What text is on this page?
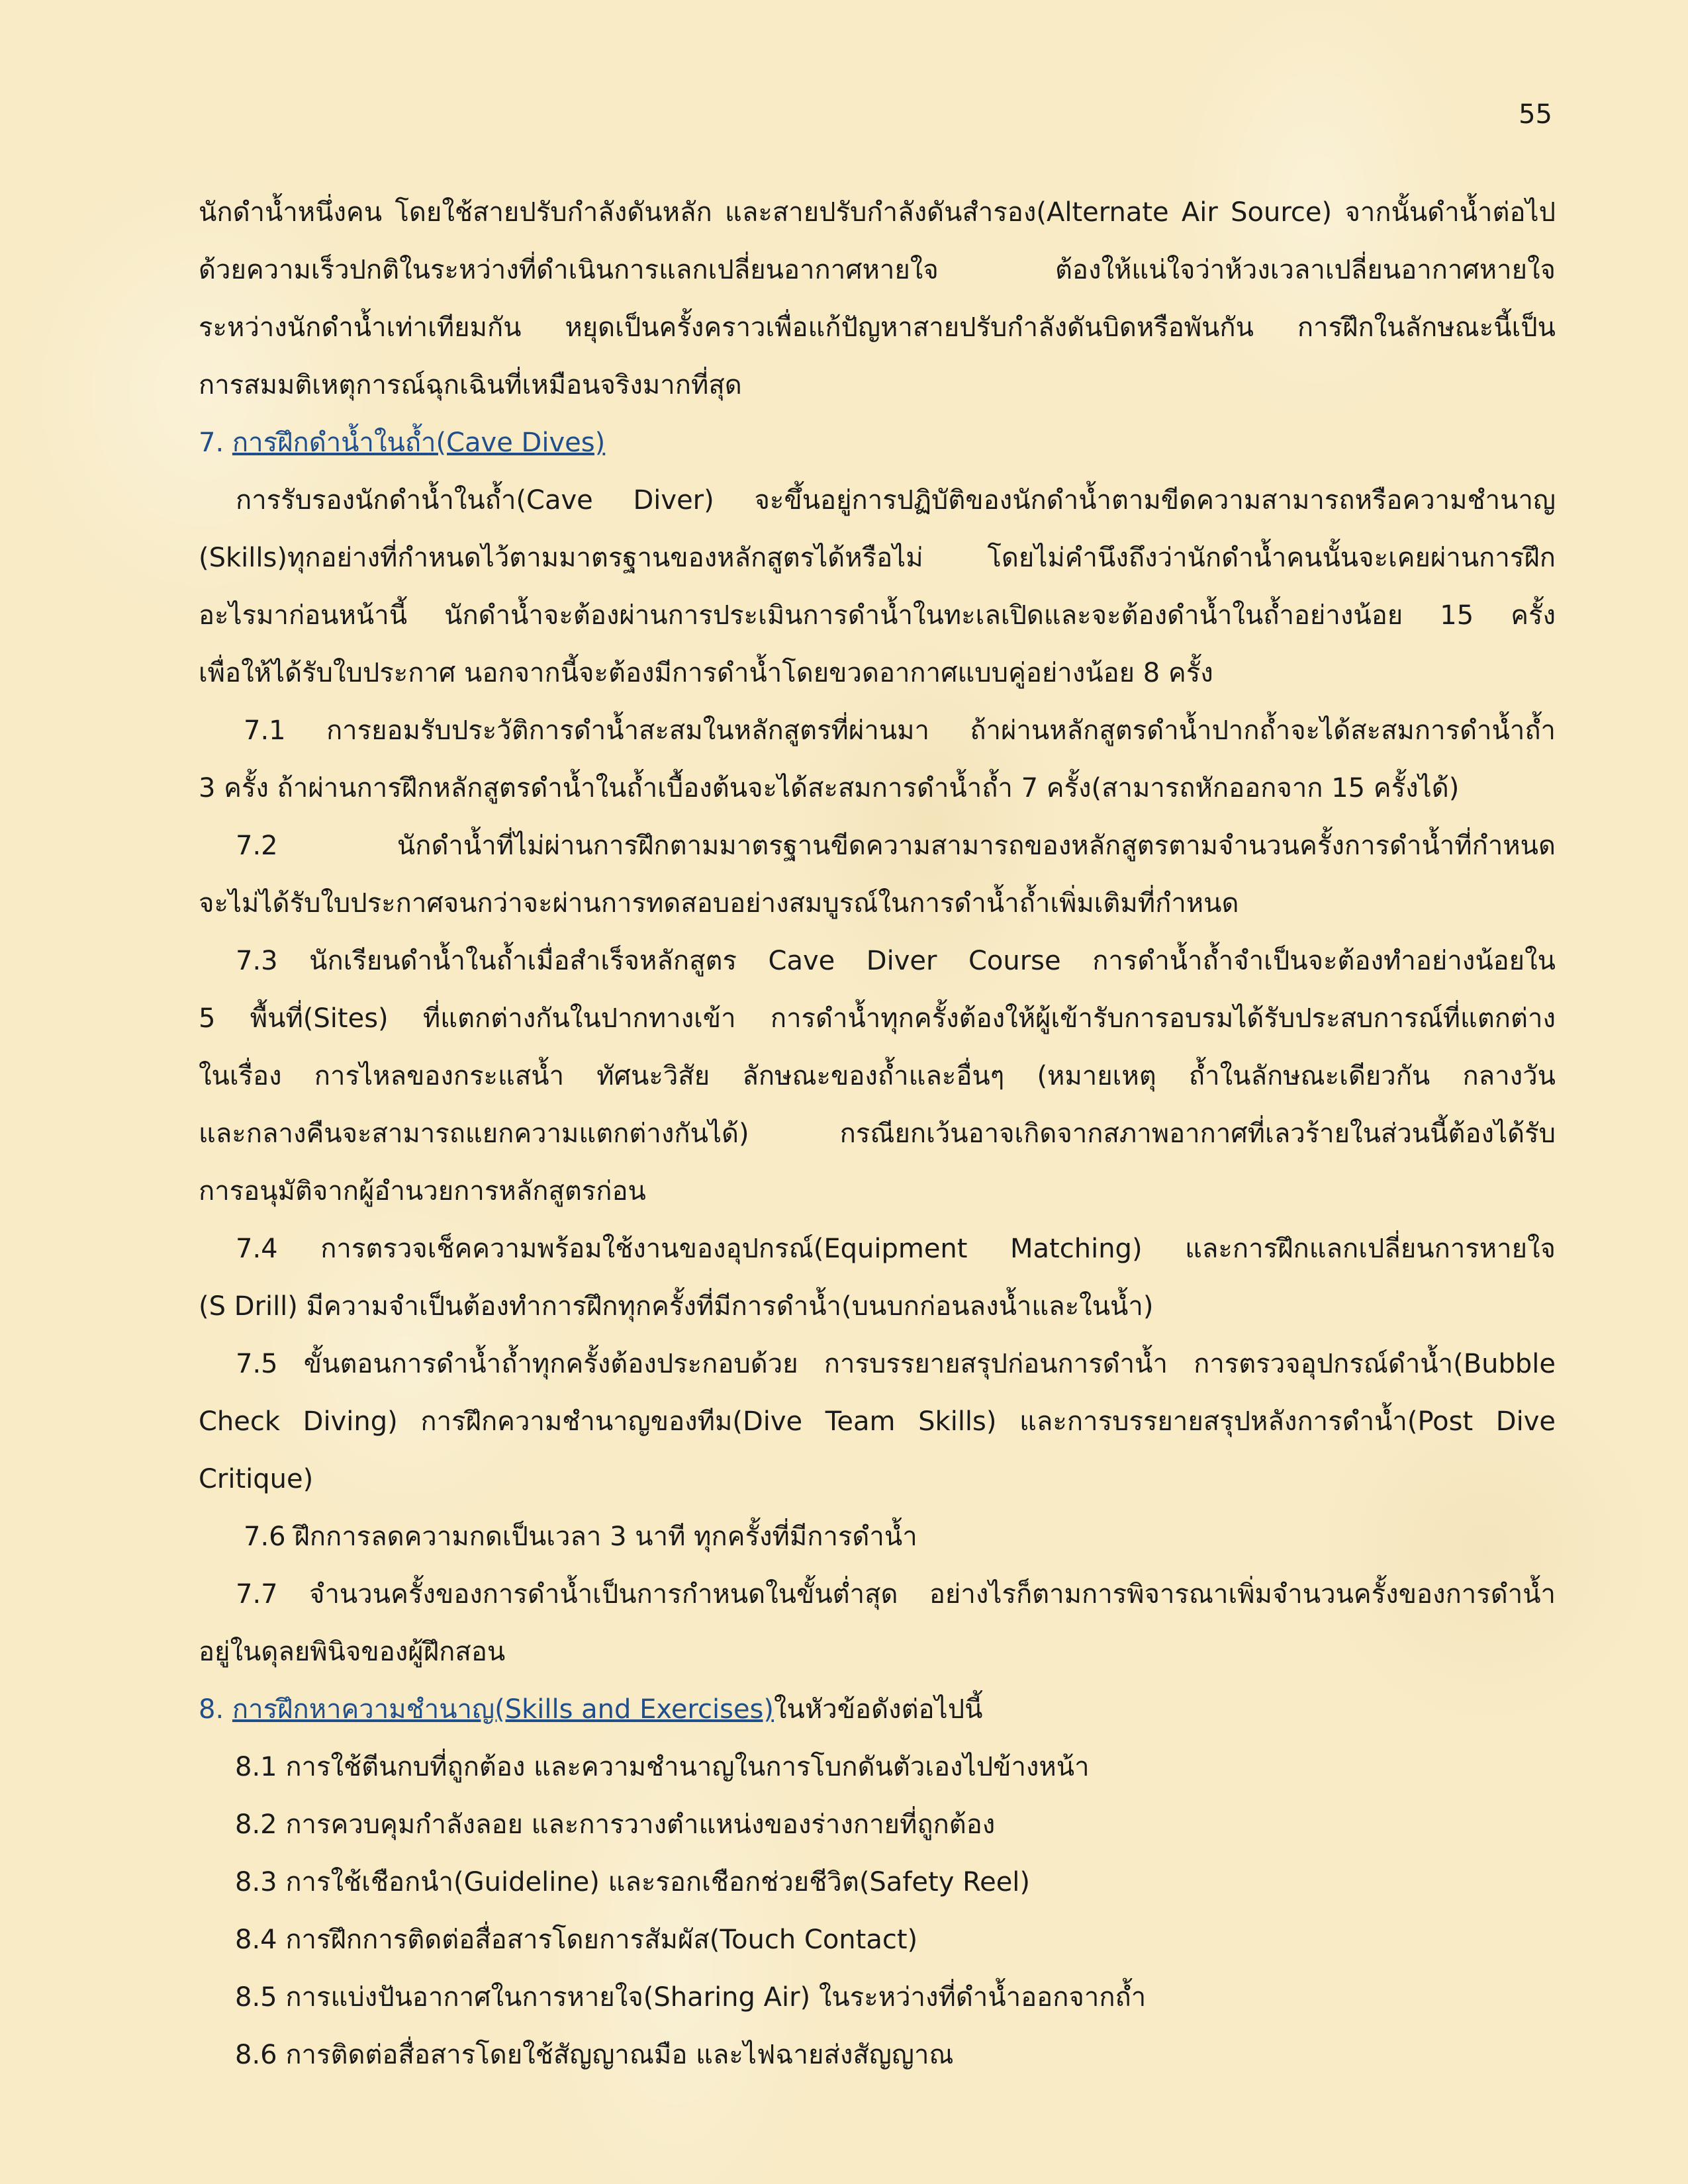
55
นักดำน้ำหนึ่งคน โดยใช้สายปรับกำลังดันหลัก และสายปรับกำลังดันสำรอง(Alternate Air Source) จากนั้นดำน้ำต่อไป
ด้วยความเร็วปกติในระหว่างที่ดำเนินการแลกเปลี่ยนอากาศหายใจ ต้องให้แน่ใจว่าห้วงเวลาเปลี่ยนอากาศหายใจ
ระหว่างนักดำน้ำเท่าเทียมกัน หยุดเป็นครั้งคราวเพื่อแก้ปัญหาสายปรับกำลังดันบิดหรือพันกัน การฝึกในลักษณะนี้เป็น
การสมมติเหตุการณ์ฉุกเฉินที่เหมือนจริงมากที่สุด
7. การฝึกดำน้ำในถ้ำ(Cave Dives)
การรับรองนักดำน้ำในถ้ำ(Cave Diver) จะขึ้นอยู่การปฏิบัติของนักดำน้ำตามขีดความสามารถหรือความชำนาญ
(Skills)ทุกอย่างที่กำหนดไว้ตามมาตรฐานของหลักสูตรได้หรือไม่ โดยไม่คำนึงถึงว่านักดำน้ำคนนั้นจะเคยผ่านการฝึก
อะไรมาก่อนหน้านี้ นักดำน้ำจะต้องผ่านการประเมินการดำน้ำในทะเลเปิดและจะต้องดำน้ำในถ้ำอย่างน้อย 15 ครั้ง
เพื่อให้ได้รับใบประกาศ นอกจากนี้จะต้องมีการดำน้ำโดยขวดอากาศแบบคู่อย่างน้อย 8 ครั้ง
7.1 การยอมรับประวัติการดำน้ำสะสมในหลักสูตรที่ผ่านมา ถ้าผ่านหลักสูตรดำน้ำปากถ้ำจะได้สะสมการดำน้ำถ้ำ
3 ครั้ง ถ้าผ่านการฝึกหลักสูตรดำน้ำในถ้ำเบื้องต้นจะได้สะสมการดำน้ำถ้ำ 7 ครั้ง(สามารถหักออกจาก 15 ครั้งได้)
7.2 นักดำน้ำที่ไม่ผ่านการฝึกตามมาตรฐานขีดความสามารถของหลักสูตรตามจำนวนครั้งการดำน้ำที่กำหนด
จะไม่ได้รับใบประกาศจนกว่าจะผ่านการทดสอบอย่างสมบูรณ์ในการดำน้ำถ้ำเพิ่มเติมที่กำหนด
7.3 นักเรียนดำน้ำในถ้ำเมื่อสำเร็จหลักสูตร Cave Diver Course การดำน้ำถ้ำจำเป็นจะต้องทำอย่างน้อยใน
5 พื้นที่(Sites) ที่แตกต่างกันในปากทางเข้า การดำน้ำทุกครั้งต้องให้ผู้เข้ารับการอบรมได้รับประสบการณ์ที่แตกต่าง
ในเรื่อง การไหลของกระแสน้ำ ทัศนะวิสัย ลักษณะของถ้ำและอื่นๆ (หมายเหตุ ถ้ำในลักษณะเดียวกัน กลางวัน
และกลางคืนจะสามารถแยกความแตกต่างกันได้) กรณียกเว้นอาจเกิดจากสภาพอากาศที่เลวร้ายในส่วนนี้ต้องได้รับ
การอนุมัติจากผู้อำนวยการหลักสูตรก่อน
7.4 การตรวจเช็คความพร้อมใช้งานของอุปกรณ์(Equipment Matching) และการฝึกแลกเปลี่ยนการหายใจ
(S Drill) มีความจำเป็นต้องทำการฝึกทุกครั้งที่มีการดำน้ำ(บนบกก่อนลงน้ำและในน้ำ)
7.5 ขั้นตอนการดำน้ำถ้ำทุกครั้งต้องประกอบด้วย การบรรยายสรุปก่อนการดำน้ำ การตรวจอุปกรณ์ดำน้ำ(Bubble
Check Diving) การฝึกความชำนาญของทีม(Dive Team Skills) และการบรรยายสรุปหลังการดำน้ำ(Post Dive
Critique)
7.6 ฝึกการลดความกดเป็นเวลา 3 นาที ทุกครั้งที่มีการดำน้ำ
7.7 จำนวนครั้งของการดำน้ำเป็นการกำหนดในขั้นต่ำสุด อย่างไรก็ตามการพิจารณาเพิ่มจำนวนครั้งของการดำน้ำ
อยู่ในดุลยพินิจของผู้ฝึกสอน
8. การฝึกหาความชำนาญ(Skills and Exercises)ในหัวข้อดังต่อไปนี้
8.1 การใช้ตีนกบที่ถูกต้อง และความชำนาญในการโบกดันตัวเองไปข้างหน้า
8.2 การควบคุมกำลังลอย และการวางตำแหน่งของร่างกายที่ถูกต้อง
8.3 การใช้เชือกนำ(Guideline) และรอกเชือกช่วยชีวิต(Safety Reel)
8.4 การฝึกการติดต่อสื่อสารโดยการสัมผัส(Touch Contact)
8.5 การแบ่งปันอากาศในการหายใจ(Sharing Air) ในระหว่างที่ดำน้ำออกจากถ้ำ
8.6 การติดต่อสื่อสารโดยใช้สัญญาณมือ และไฟฉายส่งสัญญาณ
